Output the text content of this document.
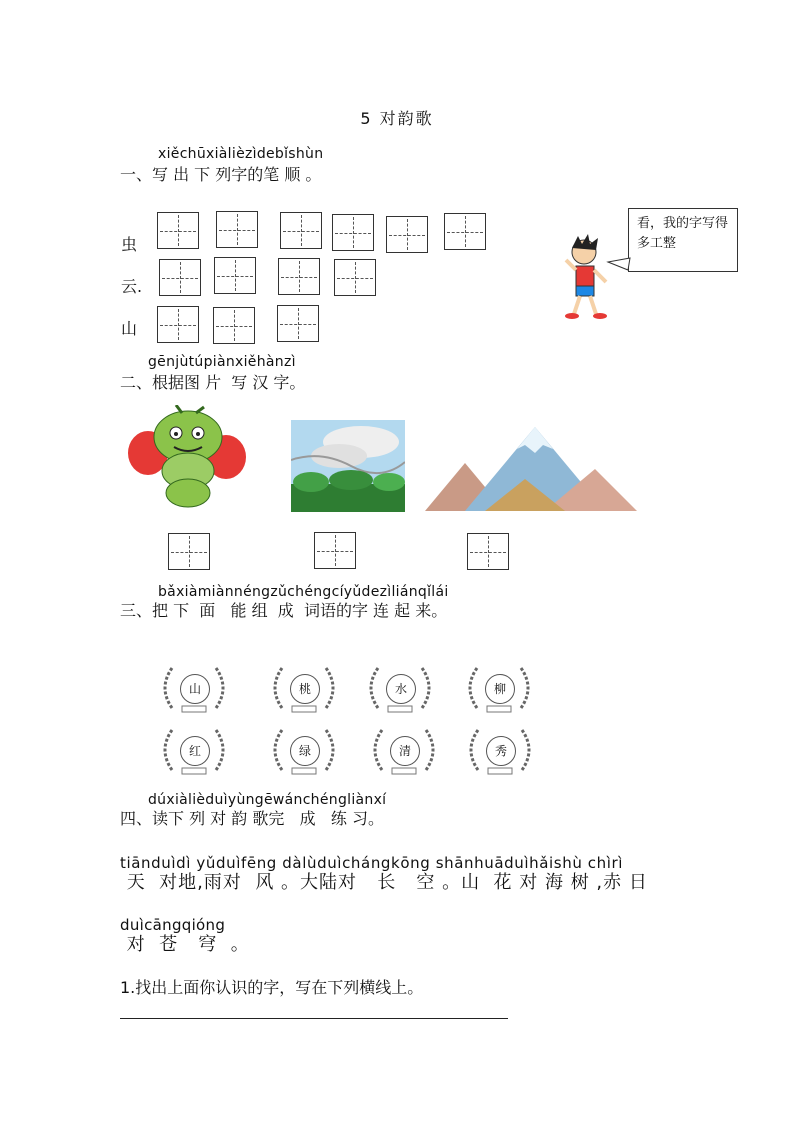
5 对韵歌
xiěchūxiàlièzìdebǐshùn
一、写 出 下 列字的笔 顺 。
虫
云.
山
看，我的字写得多工整
gēnjùtúpiànxiěhànzì
二、根据图 片  写 汉 字。
bǎxiàmiànnéngzǔchéngcíyǔdezìliánqǐlái
三、把 下  面   能 组  成  词语的字 连 起 来。
山	桃	水	柳
红	绿	清	秀
dúxiàlièduìyùngēwánchéngliànxí
四、读下 列 对 韵 歌完   成   练 习。
tiānduìdì yǔduìfēng dàlùduìchángkōng shānhuāduìhǎishù chìrì
天  对地,雨对  风 。大陆对   长   空 。山  花 对 海 树 ,赤 日
duìcāngqióng
对  苍   穹  。
1.找出上面你认识的字，写在下列横线上。
